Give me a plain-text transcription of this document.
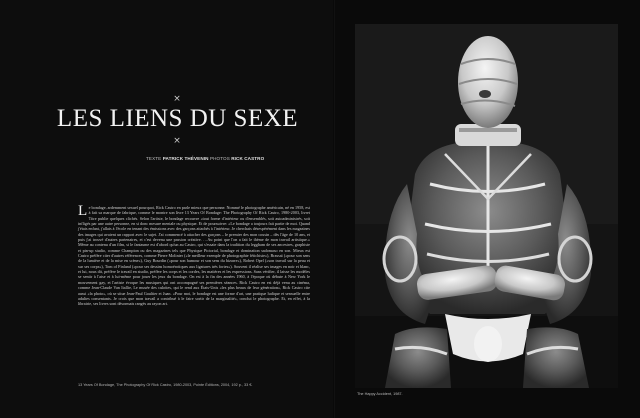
×
LES LIENS DU SEXE
×
TEXTE PATRICK THÉVENIN PHOTOS RICK CASTRO
Le bondage, ardemment sexuel pourquoi, Rick Castro en parle mieux que personne. Nommé le photographe américain, né en 1958, est à fait sa marque de fabrique, comme le montre son livre 13 Years Of Bondage: The Photography Of Rick Castro, 1980-2003, livret Titre publie quelques clichés. Selon l'artiste, le bondage recouvre «tout forme d'intérieur ou d'ensemblés, soit autoadministrés, soit infligés par une autre personne, en si donc mesure mentale ou physique. Et de poursuivre: «Le bondage a toujours fait partie de moi. Quand j'étais enfant, j'allais à l'école en tenant des émissions avec des garçons attachés à l'intérieur. Je cherchais désespérément dans les magazines des images qui avaient un rapport avec le sujet. J'ai commencé à attacher des garçons – le premier des mon cousin – dès l'âge de 10 ans, et puis j'ai trouvé d'autres partenaires, et c'est devenu une passion créative. …Au point que l'on a fait le thème de mon travail artistique.» Même au contenu d'un film, si le fantasme est d'abord qu'un au Castro, qui s'essaie dans la tradition du leggham de ses ancestres, graphiste et pin-up studio, comme Champion ou des magazines tels que Physique Pictorial, bondage et domination sadomaso en son. Mieux est Castro préfère citer d'autres références, comme Pierre Molinier («le meilleur exemple de photographie fétichiste»), Brassaï («pour son sens de la lumière et de la mise en scène»), Guy Bourdin («pour son humour et son sens du bizarre»), Robert Opel («son travail sur la peau et sur ses corps»), Tom of Finland («pour ses dessins homoérotiques aux ligatures très fortes»). Souvent il réalise ses images en noir et blanc, et lui, nous dit, préfère le travail en studio, préfère les corps et les cordes, les matières et les expressions. Sans vérifier, il laisse les modèles se sentir à l'aise et à lui-même pour jouer les jeux du bondage. On est à la fin des années 1960, à l'époque où débute à New York le mouvement gay, et l'artiste évoque les musiques qui ont accompagné ses premières séances. Rick Castro en est déjà venu au cinéma, comme Jean-Claude Van Itallie, Le musée des culottes, qui le rend aux États-Unis «les plus beaux de leur génération», Rick Castro cite aussi «la photo», où se situe Jean-Paul Gaultier et Juan. «Pour moi, le bondage est une forme d'art, une pratique ludique et sensuelle entre adultes consentants. Je crois que mon travail a contribué à le faire sortir de la marginalité», conclut le photographe. Et, en effet, à la librairie, ses livres sont désormais rangés au rayon art.
13 Years Of Bondage, The Photography Of Rick Castro, 1980-2003, Pointe Éditions, 2004, 192 p., 33 €.
The Happy Accident, 1987.
